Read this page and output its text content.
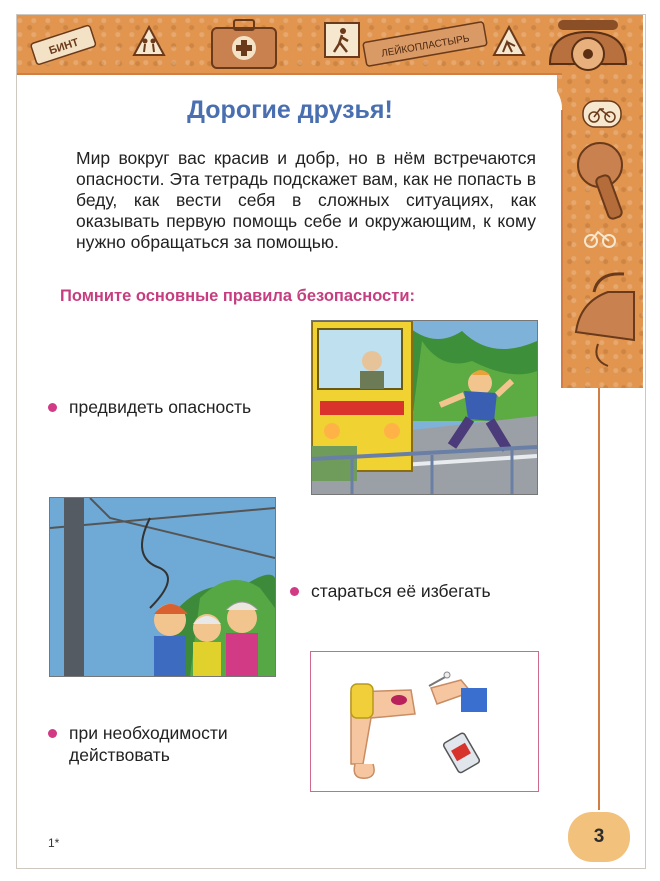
БИНТ	ЛЕЙКОПЛАСТЫРЬ
Дорогие друзья!
Мир вокруг вас красив и добр, но в нём встречаются опасности. Эта тетрадь подскажет вам, как не попасть в беду, как вести себя в сложных ситуациях, как оказывать первую помощь себе и окружающим, к кому нужно обращаться за помощью.
Помните основные правила безопасности:
предвидеть опасность
стараться её избегать
при необходимости действовать
1*	3
